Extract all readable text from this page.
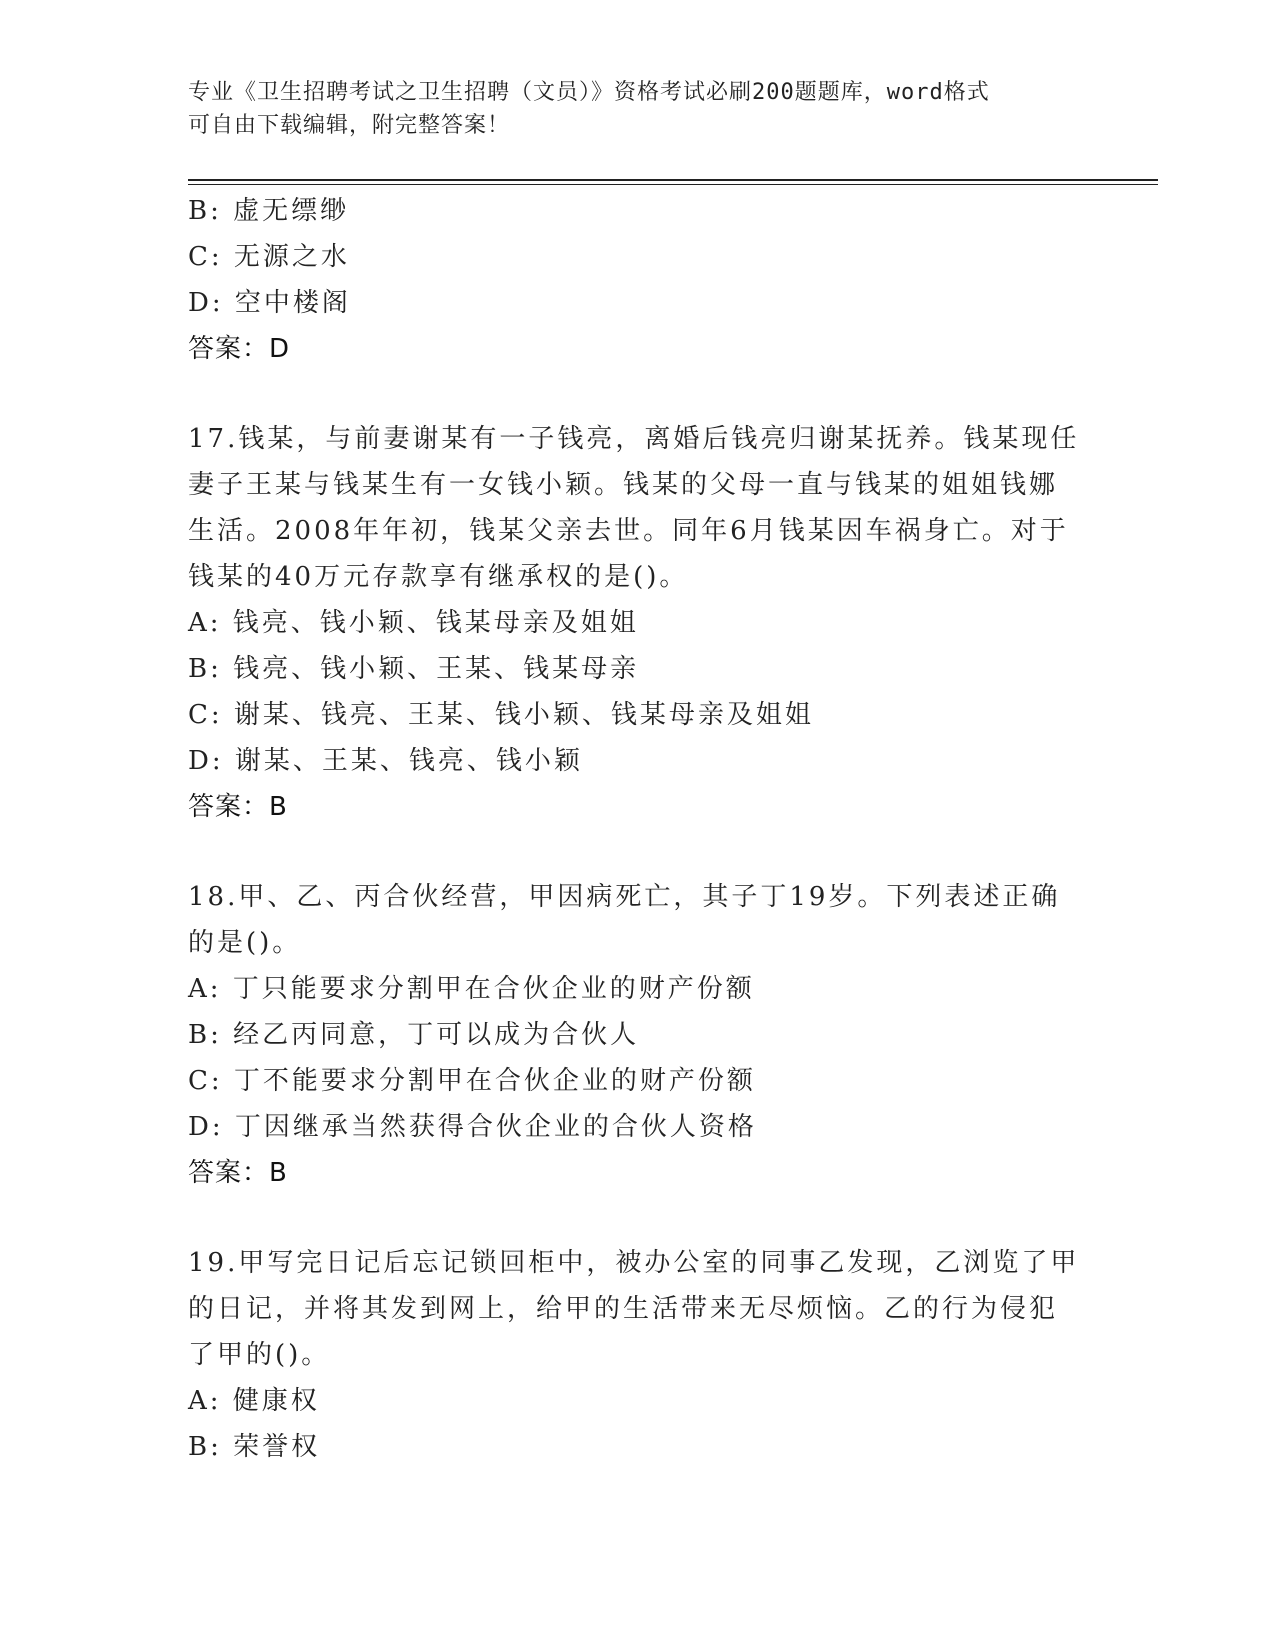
专业《卫生招聘考试之卫生招聘（文员）》资格考试必刷200题题库，word格式
可自由下载编辑，附完整答案！
B: 虚无缥缈
C: 无源之水
D: 空中楼阁
答案：D
17.钱某，与前妻谢某有一子钱亮，离婚后钱亮归谢某抚养。钱某现任
妻子王某与钱某生有一女钱小颖。钱某的父母一直与钱某的姐姐钱娜
生活。2008年年初，钱某父亲去世。同年6月钱某因车祸身亡。对于
钱某的40万元存款享有继承权的是()。
A: 钱亮、钱小颖、钱某母亲及姐姐
B: 钱亮、钱小颖、王某、钱某母亲
C: 谢某、钱亮、王某、钱小颖、钱某母亲及姐姐
D: 谢某、王某、钱亮、钱小颖
答案：B
18.甲、乙、丙合伙经营，甲因病死亡，其子丁19岁。下列表述正确
的是()。
A: 丁只能要求分割甲在合伙企业的财产份额
B: 经乙丙同意，丁可以成为合伙人
C: 丁不能要求分割甲在合伙企业的财产份额
D: 丁因继承当然获得合伙企业的合伙人资格
答案：B
19.甲写完日记后忘记锁回柜中，被办公室的同事乙发现，乙浏览了甲
的日记，并将其发到网上，给甲的生活带来无尽烦恼。乙的行为侵犯
了甲的()。
A: 健康权
B: 荣誉权
